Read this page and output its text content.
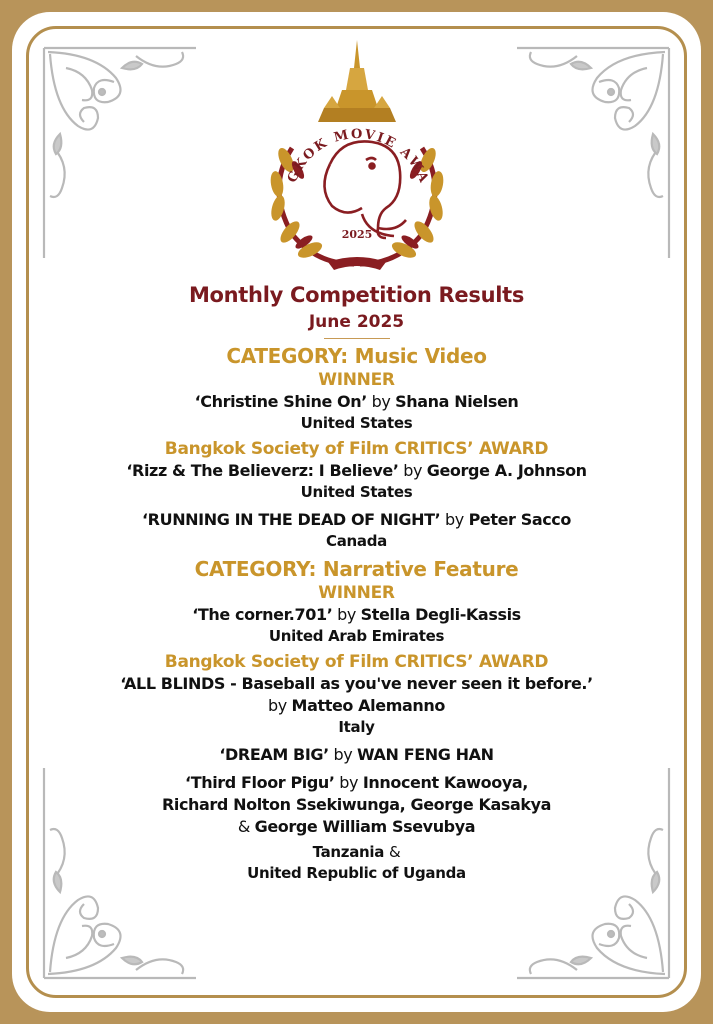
GKOK MOVIE AWA
2025

Monthly Competition Results

June 2025

CATEGORY: Music Video

WINNER

‘Christine Shine On’ by Shana Nielsen

United States

Bangkok Society of Film CRITICS’ AWARD

‘Rizz & The Believerz: I Believe’ by George A. Johnson

United States

‘RUNNING IN THE DEAD OF NIGHT’ by Peter Sacco

Canada

CATEGORY: Narrative Feature

WINNER

‘The corner.701’ by Stella Degli-Kassis

United Arab Emirates

Bangkok Society of Film CRITICS’ AWARD

‘ALL BLINDS - Baseball as you've never seen it before.’

by Matteo Alemanno

Italy

‘DREAM BIG’ by WAN FENG HAN

‘Third Floor Pigu’ by Innocent Kawooya,

Richard Nolton Ssekiwunga, George Kasakya

& George William Ssevubya

Tanzania &

United Republic of Uganda
